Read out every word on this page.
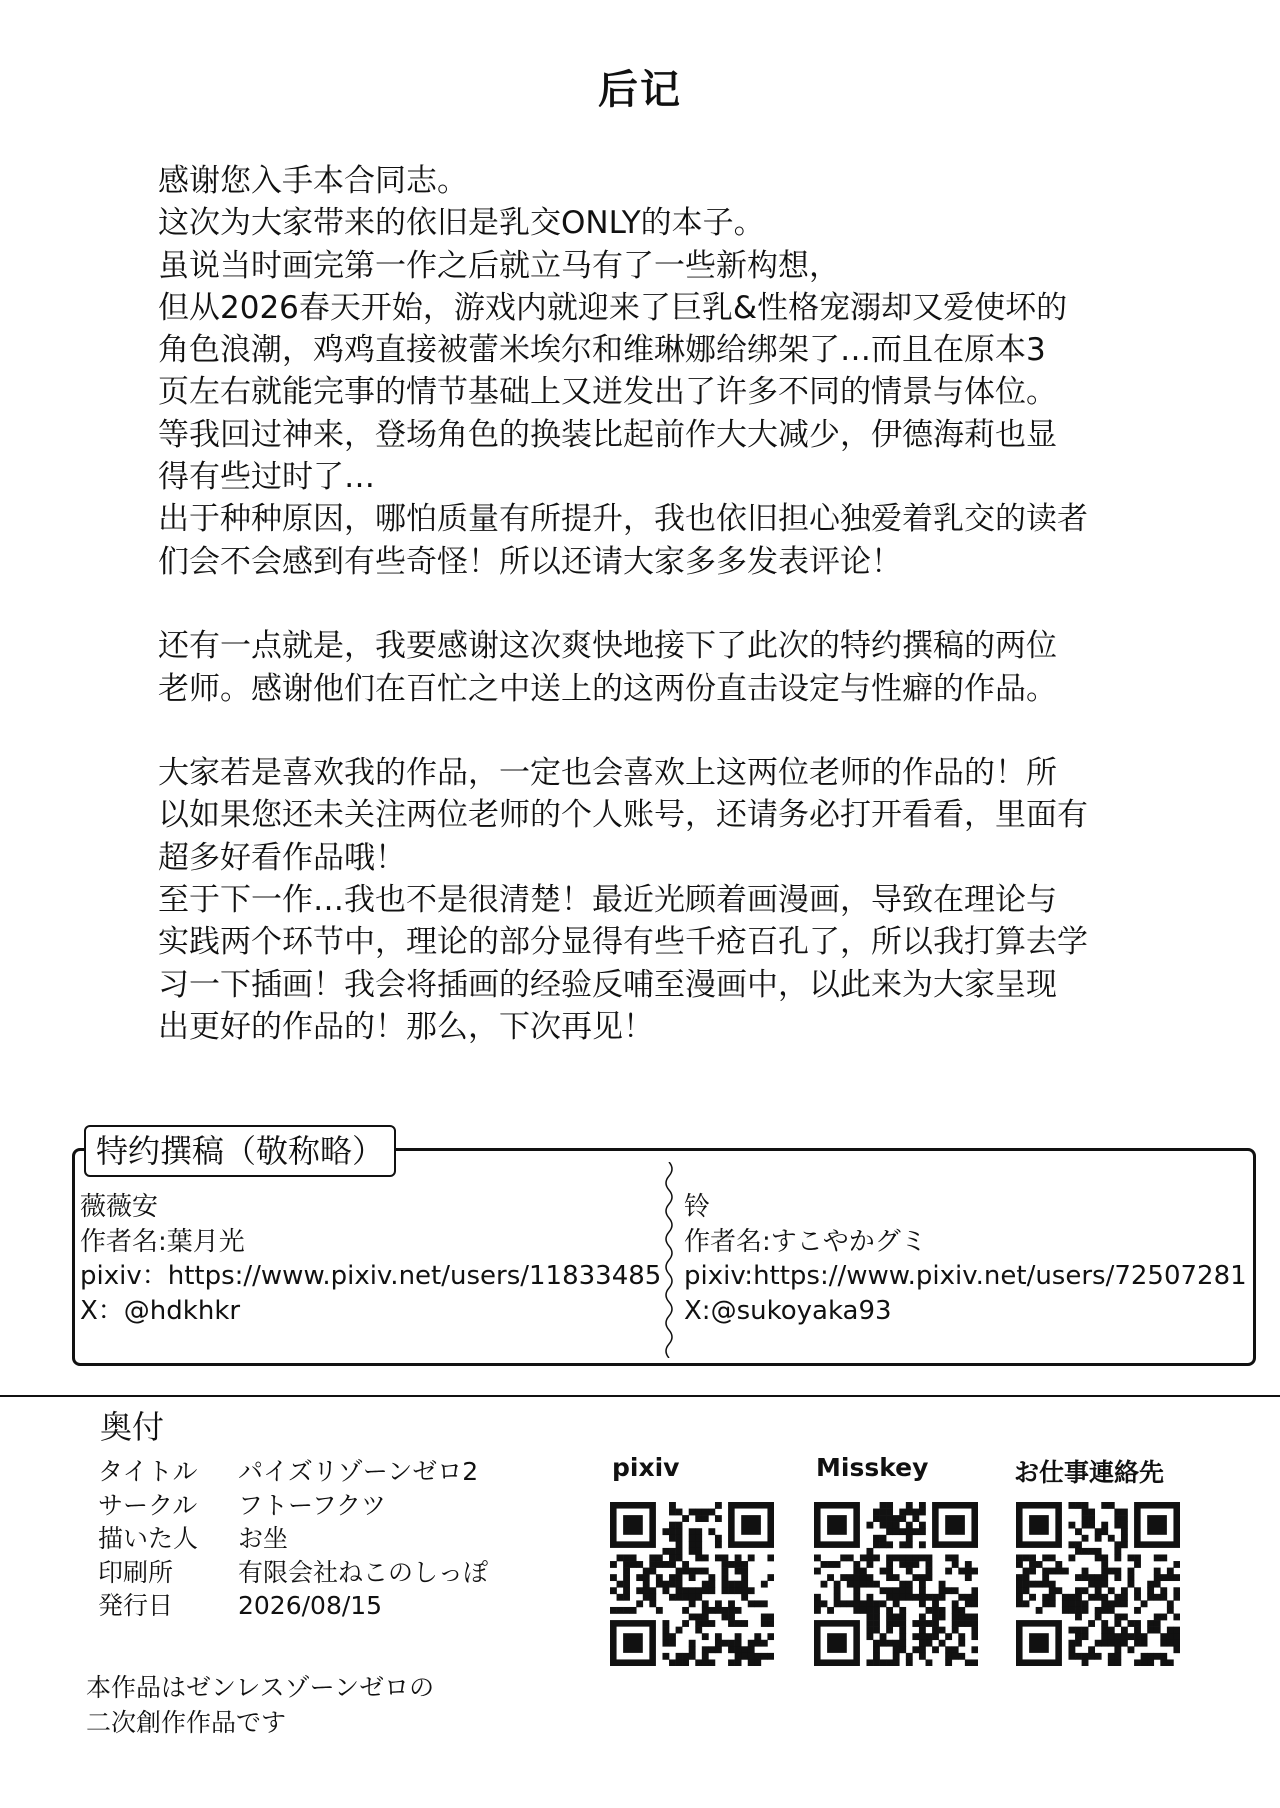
后记
感谢您入手本合同志。
这次为大家带来的依旧是乳交ONLY的本子。
虽说当时画完第一作之后就立马有了一些新构想，
但从2026春天开始，游戏内就迎来了巨乳&性格宠溺却又爱使坏的
角色浪潮，鸡鸡直接被蕾米埃尔和维琳娜给绑架了…而且在原本3
页左右就能完事的情节基础上又迸发出了许多不同的情景与体位。
等我回过神来，登场角色的换装比起前作大大减少，伊德海莉也显
得有些过时了…
出于种种原因，哪怕质量有所提升，我也依旧担心独爱着乳交的读者
们会不会感到有些奇怪！所以还请大家多多发表评论！
还有一点就是，我要感谢这次爽快地接下了此次的特约撰稿的两位
老师。感谢他们在百忙之中送上的这两份直击设定与性癖的作品。
大家若是喜欢我的作品，一定也会喜欢上这两位老师的作品的！所
以如果您还未关注两位老师的个人账号，还请务必打开看看，里面有
超多好看作品哦！
至于下一作…我也不是很清楚！最近光顾着画漫画，导致在理论与
实践两个环节中，理论的部分显得有些千疮百孔了，所以我打算去学
习一下插画！我会将插画的经验反哺至漫画中，以此来为大家呈现
出更好的作品的！那么，下次再见！
特约撰稿（敬称略）
薇薇安
作者名:葉月光
pixiv：https://www.pixiv.net/users/11833485
X：@hdkhkr
铃
作者名:すこやかグミ
pixiv:https://www.pixiv.net/users/72507281
X:@sukoyaka93
奥付
タイトル	パイズリゾーンゼロ2
サークル	フトーフクツ
描いた人	お坐
印刷所	有限会社ねこのしっぽ
発行日	2026/08/15
本作品はゼンレスゾーンゼロの
二次創作作品です
pixiv	Misskey	お仕事連絡先
